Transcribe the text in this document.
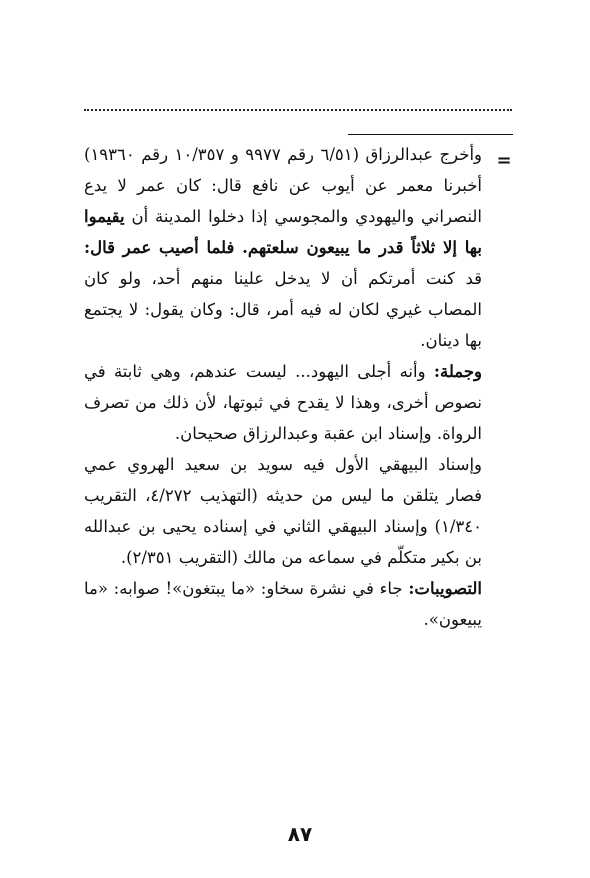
=

وأخرج عبدالرزاق (٦/٥١ رقم ٩٩٧٧ و ١٠/٣٥٧ رقم ١٩٣٦٠) أخبرنا معمر عن أيوب عن نافع قال: كان عمر لا يدع النصراني واليهودي والمجوسي إذا دخلوا المدينة أن يقيموا بها إلا ثلاثاً قدر ما يبيعون سلعتهم. فلما أصيب عمر قال: قد كنت أمرتكم أن لا يدخل علينا منهم أحد، ولو كان المصاب غيري لكان له فيه أمر، قال: وكان يقول: لا يجتمع بها دينان.

وجملة: وأنه أجلى اليهود... ليست عندهم، وهي ثابتة في نصوص أخرى، وهذا لا يقدح في ثبوتها، لأن ذلك من تصرف الرواة. وإسناد ابن عقبة وعبدالرزاق صحيحان.

وإسناد البيهقي الأول فيه سويد بن سعيد الهروي عمي فصار يتلقن ما ليس من حديثه (التهذيب ٤/٢٧٢، التقريب ١/٣٤٠) وإسناد البيهقي الثاني في إسناده يحيى بن عبدالله بن بكير متكلّم في سماعه من مالك (التقريب ٢/٣٥١).

التصويبات: جاء في نشرة سخاو: «ما يبتغون»! صوابه: «ما يبيعون».

٨٧
